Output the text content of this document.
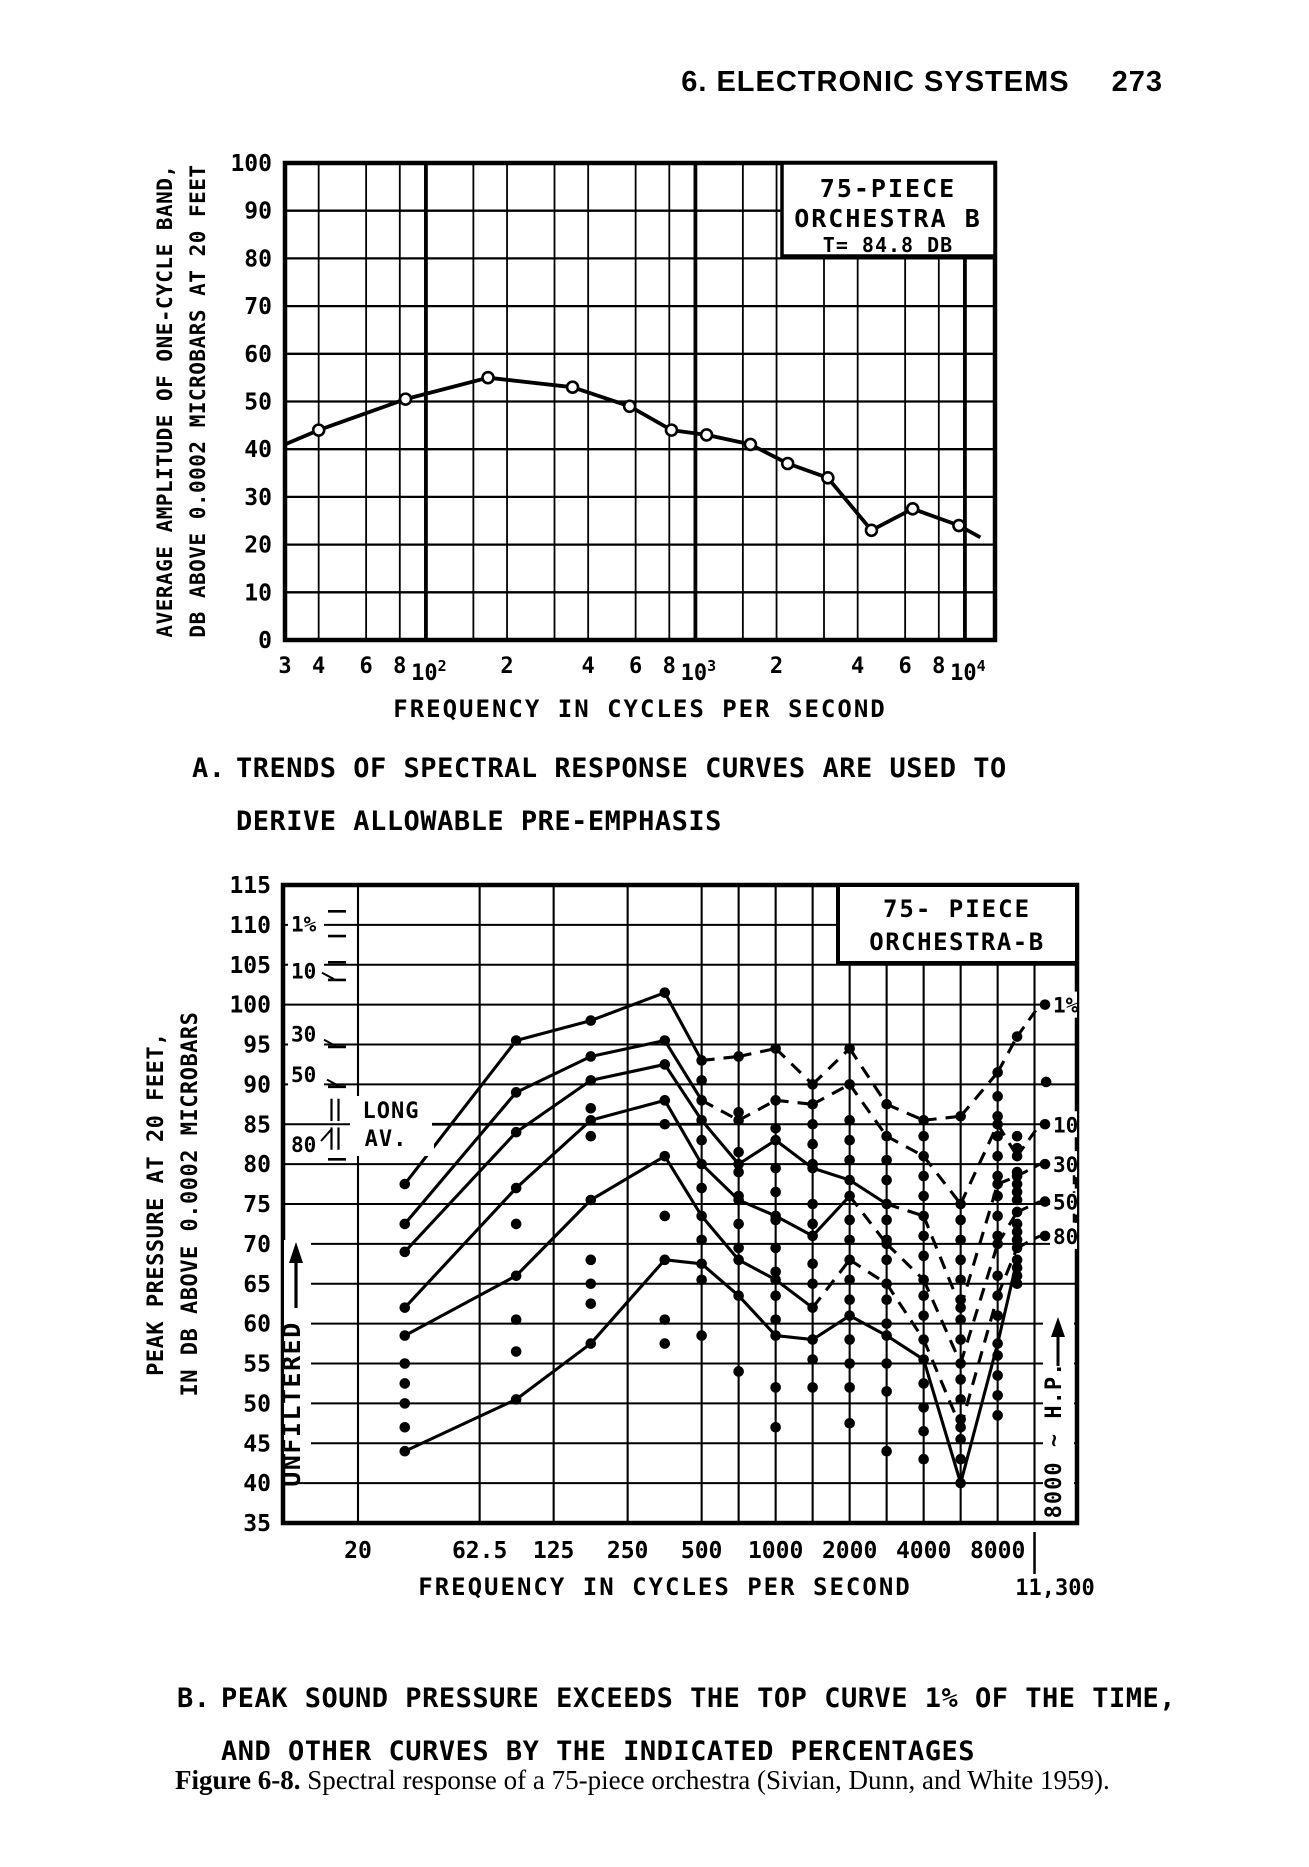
6. ELECTRONIC SYSTEMS 273
75-PIECE
ORCHESTRA B
T= 84.8 DB
100
90
80
70
60
50
40
30
20
10
0
3 4 6 8 $10^2$ 2	4 6 8 $10^3$ 2	4 6 8 $10^4$
FREQUENCY IN CYCLES PER SECOND
AVERAGE AMPLITUDE OF ONE-CYCLE BAND, DB ABOVE 0.0002 MICROBARS AT 20 FEET
A. TRENDS OF SPECTRAL RESPONSE CURVES ARE USED TO
DERIVE ALLOWABLE PRE-EMPHASIS
LONG
AV.
UNFILTERED	8000 ~ H.P.
1%
10
30
50
80
1%
10
30
50
80
75- PIECE
ORCHESTRA-B
115
110
105
100
95
90
85
80
75
70
65
60
55
50
45
40
35
20	62.5 125 250 500 1000 2000 4000 8000
11,300
FREQUENCY IN CYCLES PER SECOND
PEAK PRESSURE AT 20 FEET, IN DB ABOVE 0.0002 MICROBARS
B. PEAK SOUND PRESSURE EXCEEDS THE TOP CURVE 1% OF THE TIME,
AND OTHER CURVES BY THE INDICATED PERCENTAGES
Figure 6-8. Spectral response of a 75-piece orchestra (Sivian, Dunn, and White 1959).
